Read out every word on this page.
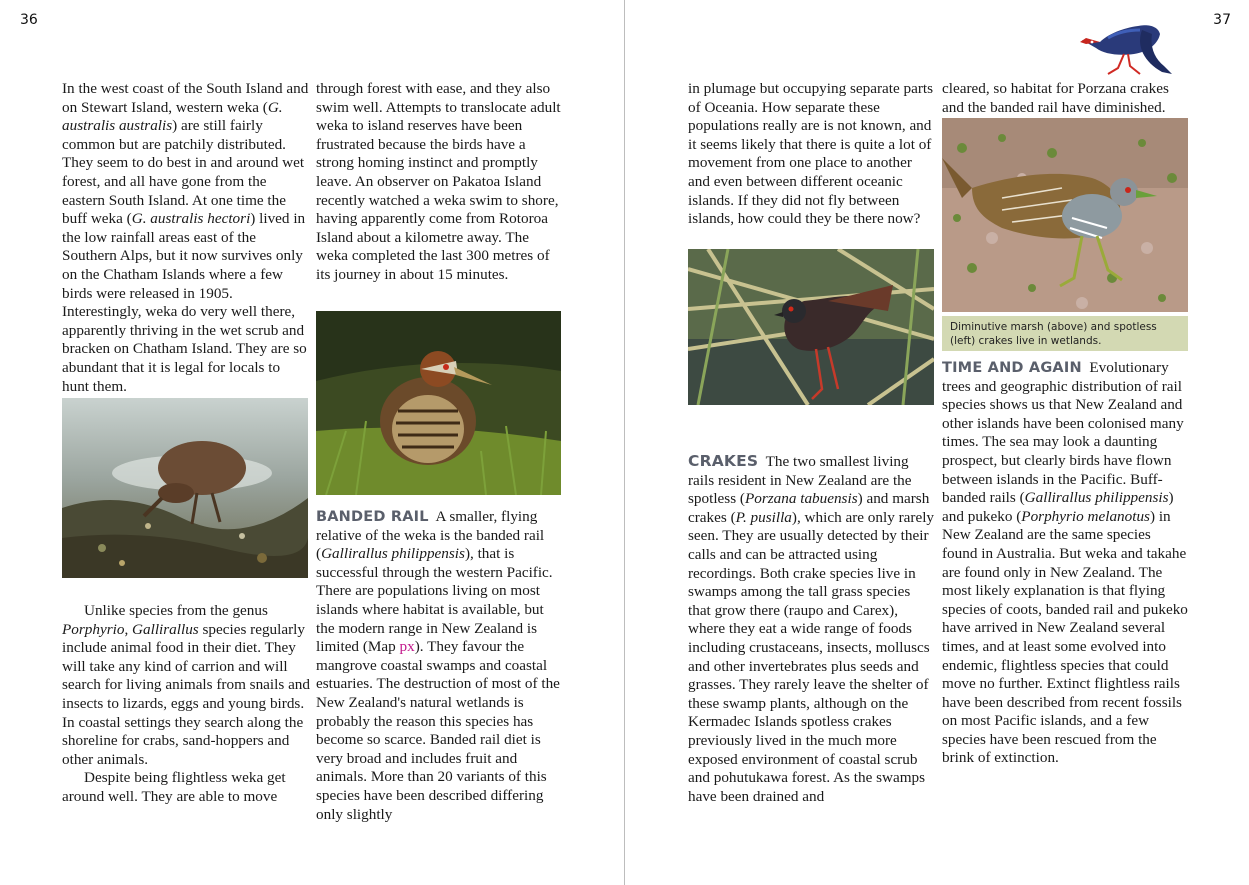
36	37

In the west coast of the South Island and on Stewart Island, western weka (G. australis australis) are still fairly common but are patchily distributed. They seem to do best in and around wet forest, and all have gone from the eastern South Island. At one time the buff weka (G. australis hectori) lived in the low rainfall areas east of the Southern Alps, but it now survives only on the Chatham Islands where a few birds were released in 1905. Interestingly, weka do very well there, apparently thriving in the wet scrub and bracken on Chatham Island. They are so abundant that it is legal for locals to hunt them.

Unlike species from the genus Porphyrio, Gallirallus species regularly include animal food in their diet. They will take any kind of carrion and will search for living animals from snails and insects to lizards, eggs and young birds. In coastal settings they search along the shoreline for crabs, sand-hoppers and other animals.

Despite being flightless weka get around well. They are able to move

through forest with ease, and they also swim well. Attempts to translocate adult weka to island reserves have been frustrated because the birds have a strong homing instinct and promptly leave. An observer on Pakatoa Island recently watched a weka swim to shore, having apparently come from Rotoroa Island about a kilometre away. The weka completed the last 300 metres of its journey in about 15 minutes.

BANDED RAIL A smaller, flying relative of the weka is the banded rail (Gallirallus philippensis), that is successful through the western Pacific. There are populations living on most islands where habitat is available, but the modern range in New Zealand is limited (Map px). They favour the mangrove coastal swamps and coastal estuaries. The destruction of most of the New Zealand's natural wetlands is probably the reason this species has become so scarce. Banded rail diet is very broad and includes fruit and animals. More than 20 variants of this species have been described differing only slightly

in plumage but occupying separate parts of Oceania. How separate these populations really are is not known, and it seems likely that there is quite a lot of movement from one place to another and even between different oceanic islands. If they did not fly between islands, how could they be there now?

CRAKES The two smallest living rails resident in New Zealand are the spotless (Porzana tabuensis) and marsh crakes (P. pusilla), which are only rarely seen. They are usually detected by their calls and can be attracted using recordings. Both crake species live in swamps among the tall grass species that grow there (raupo and Carex), where they eat a wide range of foods including crustaceans, insects, molluscs and other invertebrates plus seeds and grasses. They rarely leave the shelter of these swamp plants, although on the Kermadec Islands spotless crakes previously lived in the much more exposed environment of coastal scrub and pohutukawa forest. As the swamps have been drained and

cleared, so habitat for Porzana crakes and the banded rail have diminished.

Diminutive marsh (above) and spotless (left) crakes live in wetlands.

TIME AND AGAIN Evolutionary trees and geographic distribution of rail species shows us that New Zealand and other islands have been colonised many times. The sea may look a daunting prospect, but clearly birds have flown between islands in the Pacific. Buff-banded rails (Gallirallus philippensis) and pukeko (Porphyrio melanotus) in New Zealand are the same species found in Australia. But weka and takahe are found only in New Zealand. The most likely explanation is that flying species of coots, banded rail and pukeko have arrived in New Zealand several times, and at least some evolved into endemic, flightless species that could move no further. Extinct flightless rails have been described from recent fossils on most Pacific islands, and a few species have been rescued from the brink of extinction.
